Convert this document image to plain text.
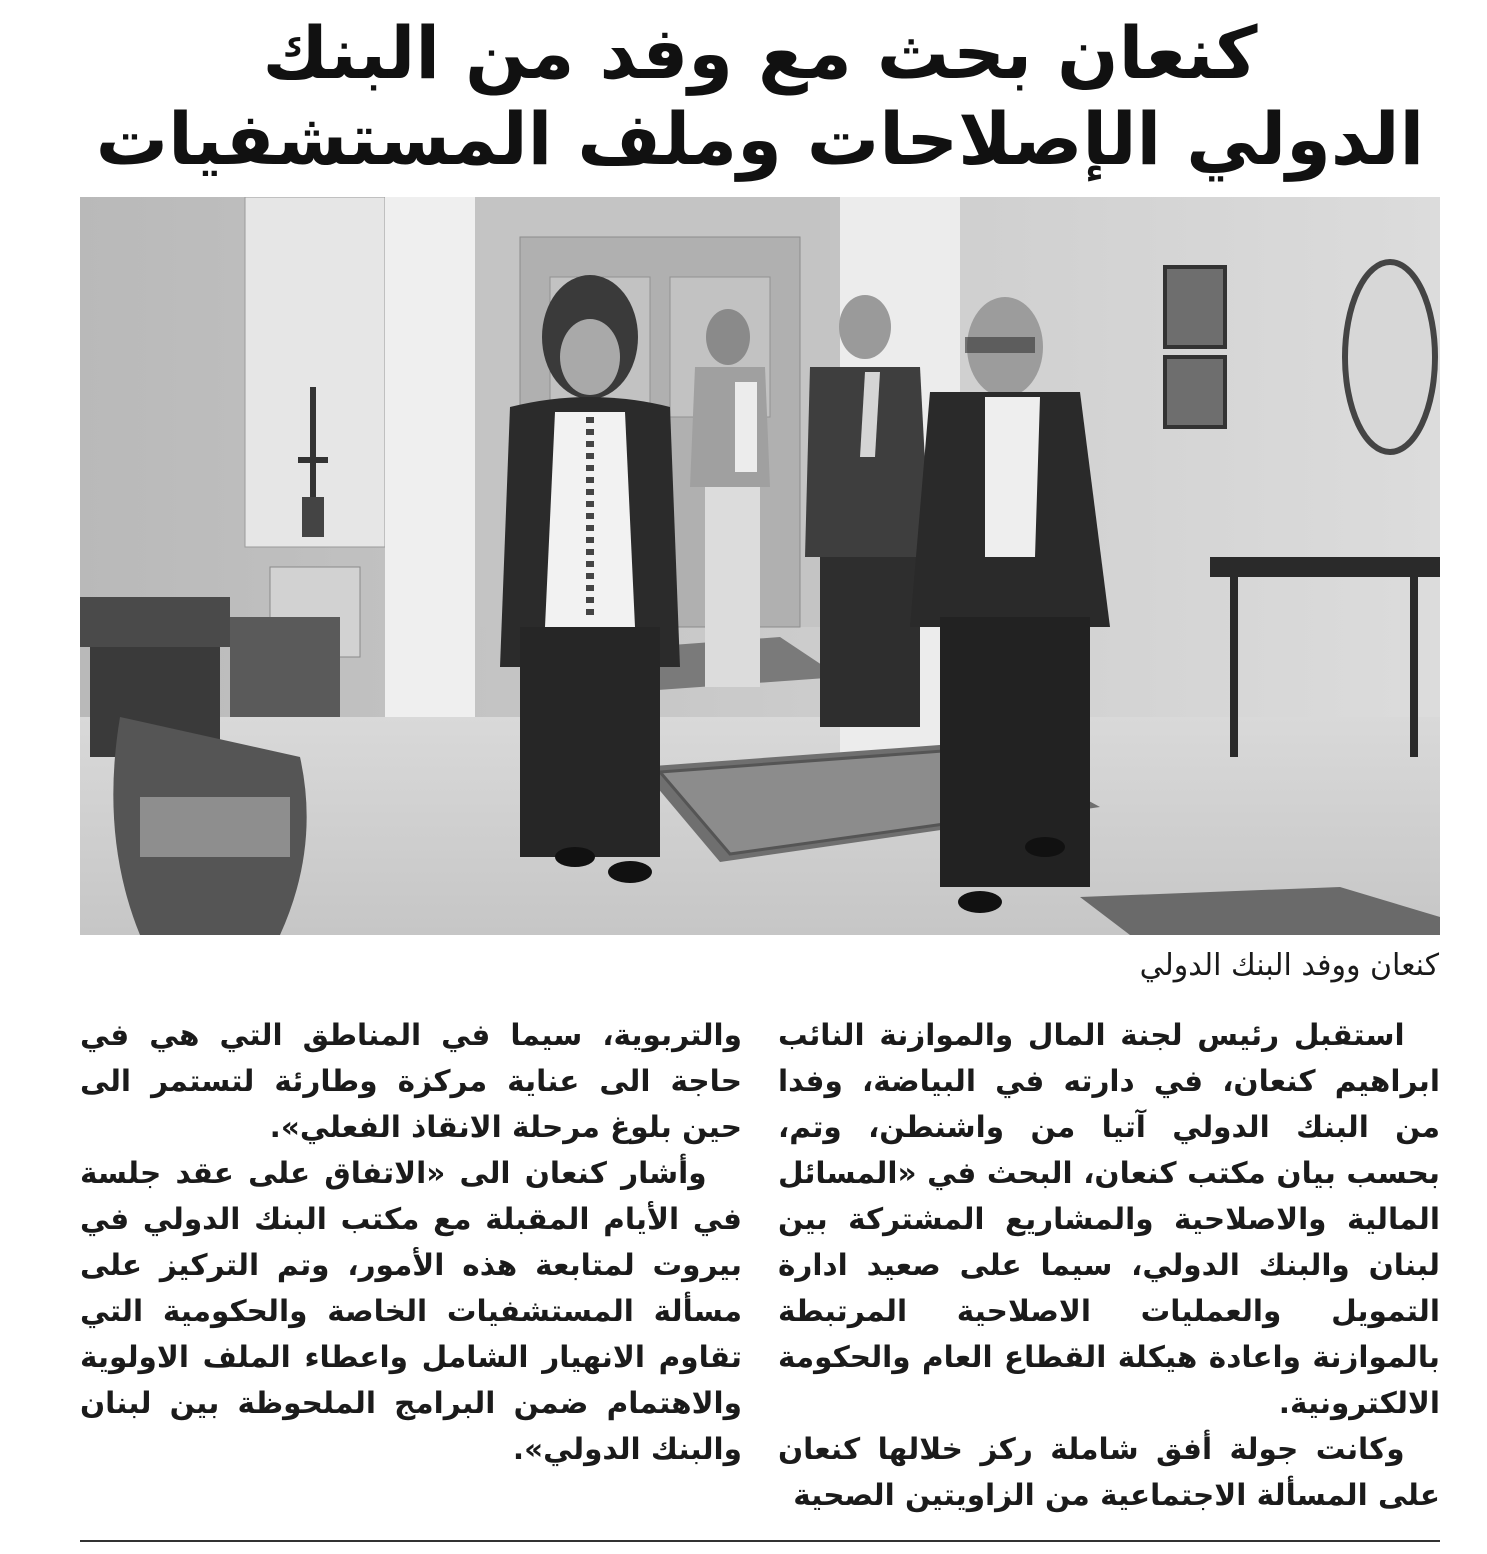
كنعان بحث مع وفد من البنك
الدولي الإصلاحات وملف المستشفيات
كنعان ووفد البنك الدولي

استقبل رئيس لجنة المال والموازنة النائب ابراهيم كنعان، في دارته في البياضة، وفدا من البنك الدولي آتيا من واشنطن، وتم، بحسب بيان مكتب كنعان، البحث في «المسائل المالية والاصلاحية والمشاريع المشتركة بين لبنان والبنك الدولي، سيما على صعيد ادارة التمويل والعمليات الاصلاحية المرتبطة بالموازنة واعادة هيكلة القطاع العام والحكومة الالكترونية.

وكانت جولة أفق شاملة ركز خلالها كنعان على المسألة الاجتماعية من الزاويتين الصحية

والتربوية، سيما في المناطق التي هي في حاجة الى عناية مركزة وطارئة لتستمر الى حين بلوغ مرحلة الانقاذ الفعلي».

وأشار كنعان الى «الاتفاق على عقد جلسة في الأيام المقبلة مع مكتب البنك الدولي في بيروت لمتابعة هذه الأمور، وتم التركيز على مسألة المستشفيات الخاصة والحكومية التي تقاوم الانهيار الشامل واعطاء الملف الاولوية والاهتمام ضمن البرامج الملحوظة بين لبنان والبنك الدولي».
